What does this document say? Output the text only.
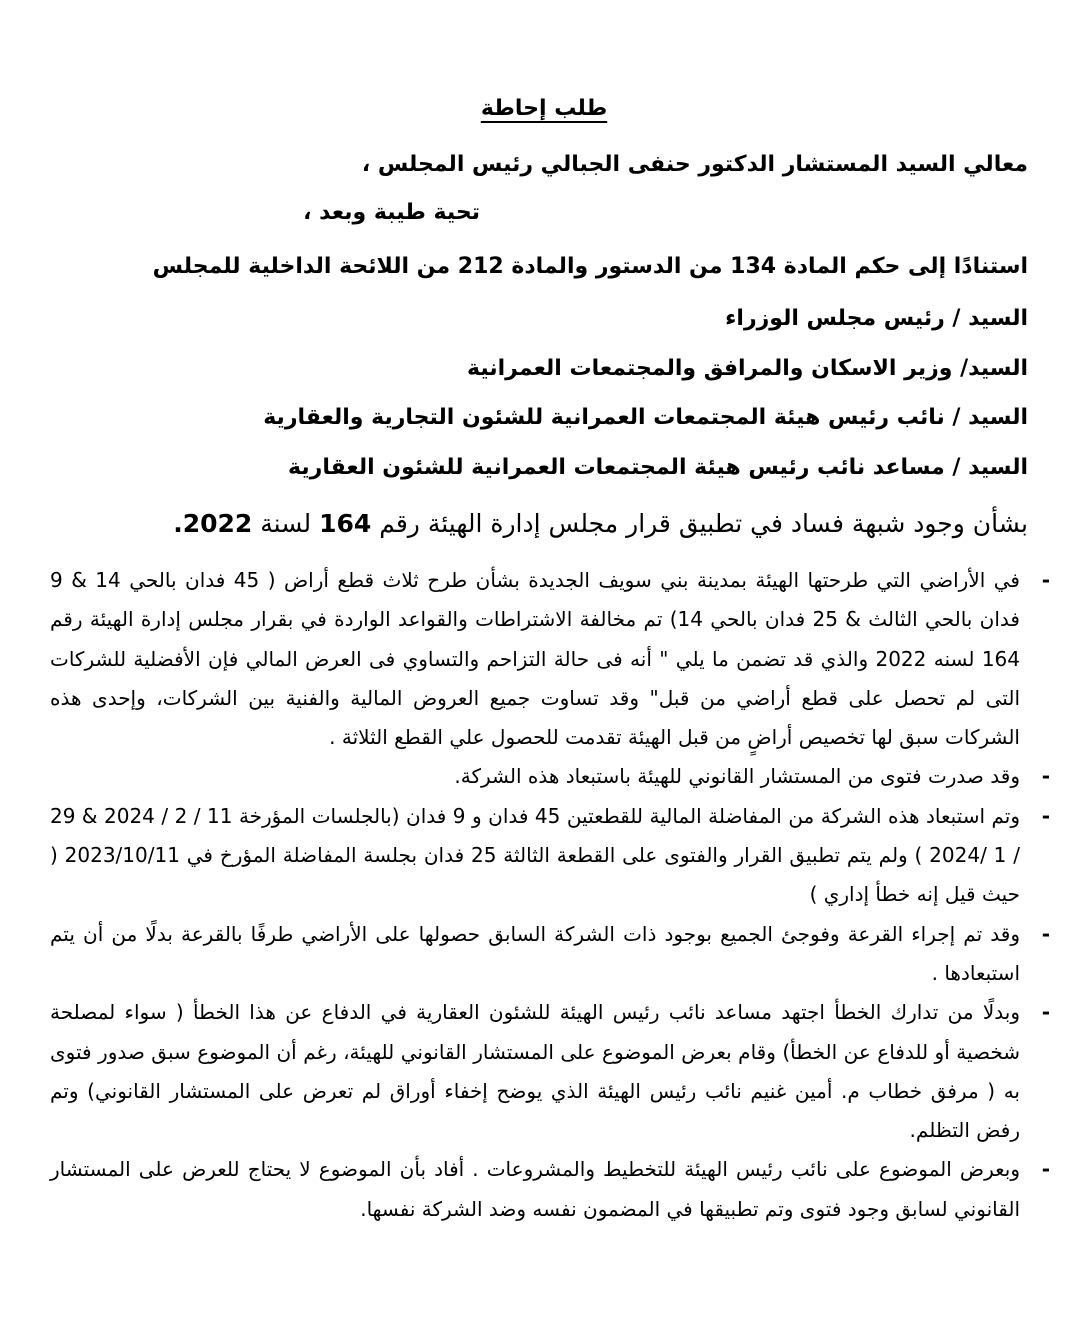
طلب إحاطة
معالي السيد المستشار الدكتور حنفى الجبالي رئيس المجلس ،
تحية طيبة وبعد ،
استنادًا إلى حكم المادة 134 من الدستور والمادة 212 من اللائحة الداخلية للمجلس
السيد / رئيس مجلس الوزراء
السيد/ وزير الاسكان والمرافق والمجتمعات العمرانية
السيد / نائب رئيس هيئة المجتمعات العمرانية للشئون التجارية والعقارية
السيد / مساعد نائب رئيس هيئة المجتمعات العمرانية للشئون العقارية
بشأن وجود شبهة فساد في تطبيق قرار مجلس إدارة الهيئة رقم 164 لسنة 2022.
-
في الأراضي التي طرحتها الهيئة بمدينة بني سويف الجديدة بشأن طرح ثلاث قطع أراض ( 45 فدان بالحي 14 & 9 فدان بالحي الثالث & 25 فدان بالحي 14) تم مخالفة الاشتراطات والقواعد الواردة في بقرار مجلس إدارة الهيئة رقم 164 لسنه 2022 والذي قد تضمن ما يلي " أنه فى حالة التزاحم والتساوي فى العرض المالي فإن الأفضلية للشركات التى لم تحصل على قطع أراضي من قبل" وقد تساوت جميع العروض المالية والفنية بين الشركات، وإحدى هذه الشركات سبق لها تخصيص أراضٍ من قبل الهيئة تقدمت للحصول علي القطع الثلاثة .
-
وقد صدرت فتوى من المستشار القانوني للهيئة باستبعاد هذه الشركة.
-
وتم استبعاد هذه الشركة من المفاضلة المالية للقطعتين 45 فدان و 9 فدان (بالجلسات المؤرخة 11 / 2 / 2024 & 29 / 1 /2024 ) ولم يتم تطبيق القرار والفتوى على القطعة الثالثة 25 فدان بجلسة المفاضلة المؤرخ في 2023/10/11 ( حيث قيل إنه خطأ إداري )
-
وقد تم إجراء القرعة وفوجئ الجميع بوجود ذات الشركة السابق حصولها على الأراضي طرفًا بالقرعة بدلًا من أن يتم استبعادها .
-
وبدلًا من تدارك الخطأ اجتهد مساعد نائب رئيس الهيئة للشئون العقارية في الدفاع عن هذا الخطأ ( سواء لمصلحة شخصية أو للدفاع عن الخطأ) وقام بعرض الموضوع على المستشار القانوني للهيئة، رغم أن الموضوع سبق صدور فتوى به ( مرفق خطاب م. أمين غنيم نائب رئيس الهيئة الذي يوضح إخفاء أوراق لم تعرض على المستشار القانوني) وتم رفض التظلم.
-
وبعرض الموضوع على نائب رئيس الهيئة للتخطيط والمشروعات . أفاد بأن الموضوع لا يحتاج للعرض على المستشار القانوني لسابق وجود فتوى وتم تطبيقها في المضمون نفسه وضد الشركة نفسها.
